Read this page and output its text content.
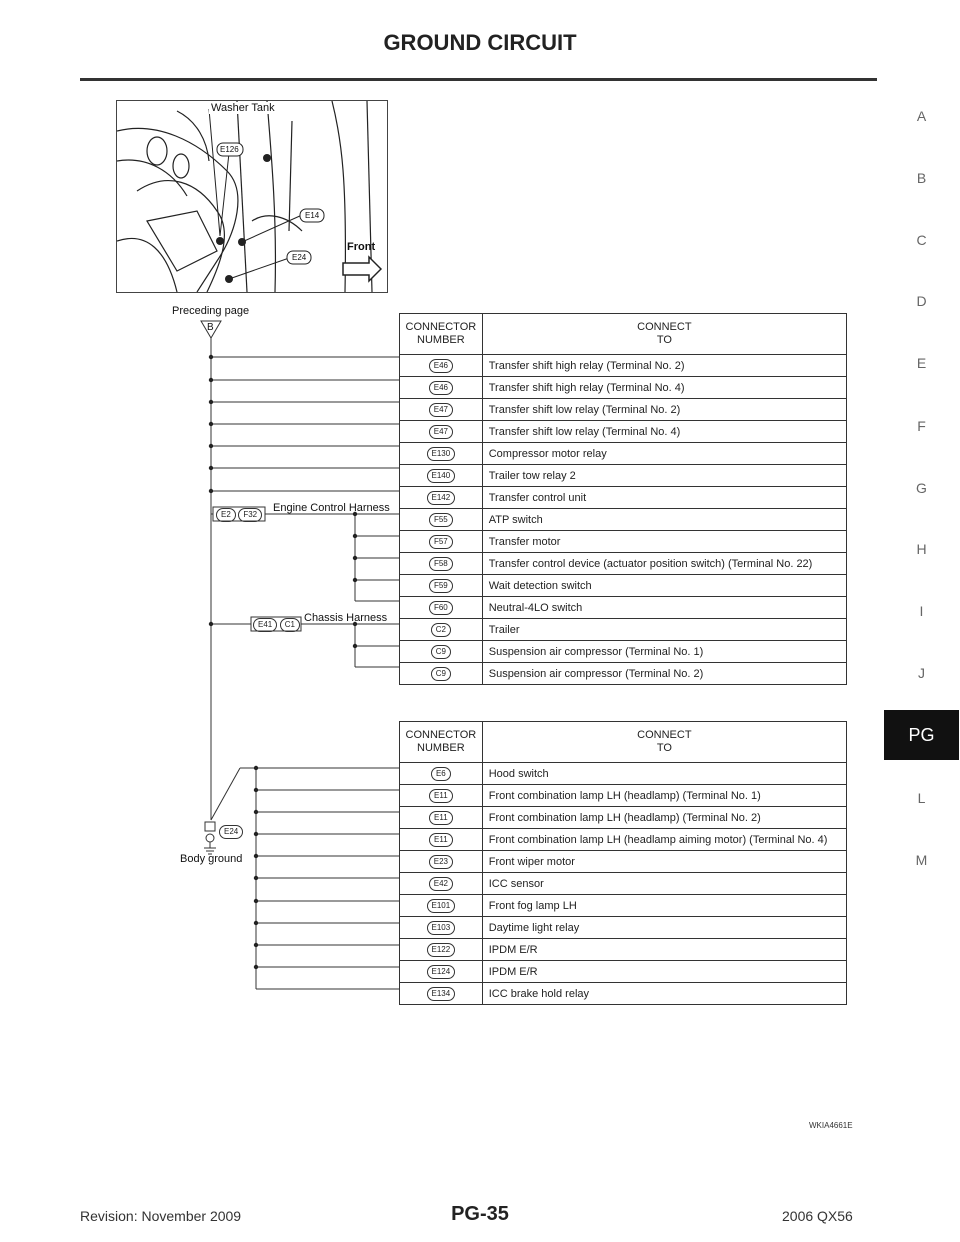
GROUND CIRCUIT
A
B
C
D
E
F
G
H
I
J
PG
L
M
Washer Tank
E126
E14
E24
Front
Preceding page
B
E2 F32
Engine Control Harness
E41 C1
Chassis Harness
E24
Body ground
CONNECTOR
NUMBER	CONNECT
TO
E46	Transfer shift high relay (Terminal No. 2)
E46	Transfer shift high relay (Terminal No. 4)
E47	Transfer shift low relay (Terminal No. 2)
E47	Transfer shift low relay (Terminal No. 4)
E130	Compressor motor relay
E140	Trailer tow relay 2
E142	Transfer control unit
F55	ATP switch
F57	Transfer motor
F58	Transfer control device (actuator position switch) (Terminal No. 22)
F59	Wait detection switch
F60	Neutral-4LO switch
C2	Trailer
C9	Suspension air compressor (Terminal No. 1)
C9	Suspension air compressor (Terminal No. 2)
CONNECTOR
NUMBER	CONNECT
TO
E6	Hood switch
E11	Front combination lamp LH (headlamp) (Terminal No. 1)
E11	Front combination lamp LH (headlamp) (Terminal No. 2)
E11	Front combination lamp LH (headlamp aiming motor) (Terminal No. 4)
E23	Front wiper motor
E42	ICC sensor
E101	Front fog lamp LH
E103	Daytime light relay
E122	IPDM E/R
E124	IPDM E/R
E134	ICC brake hold relay
WKIA4661E
Revision: November 2009	PG-35	2006 QX56
